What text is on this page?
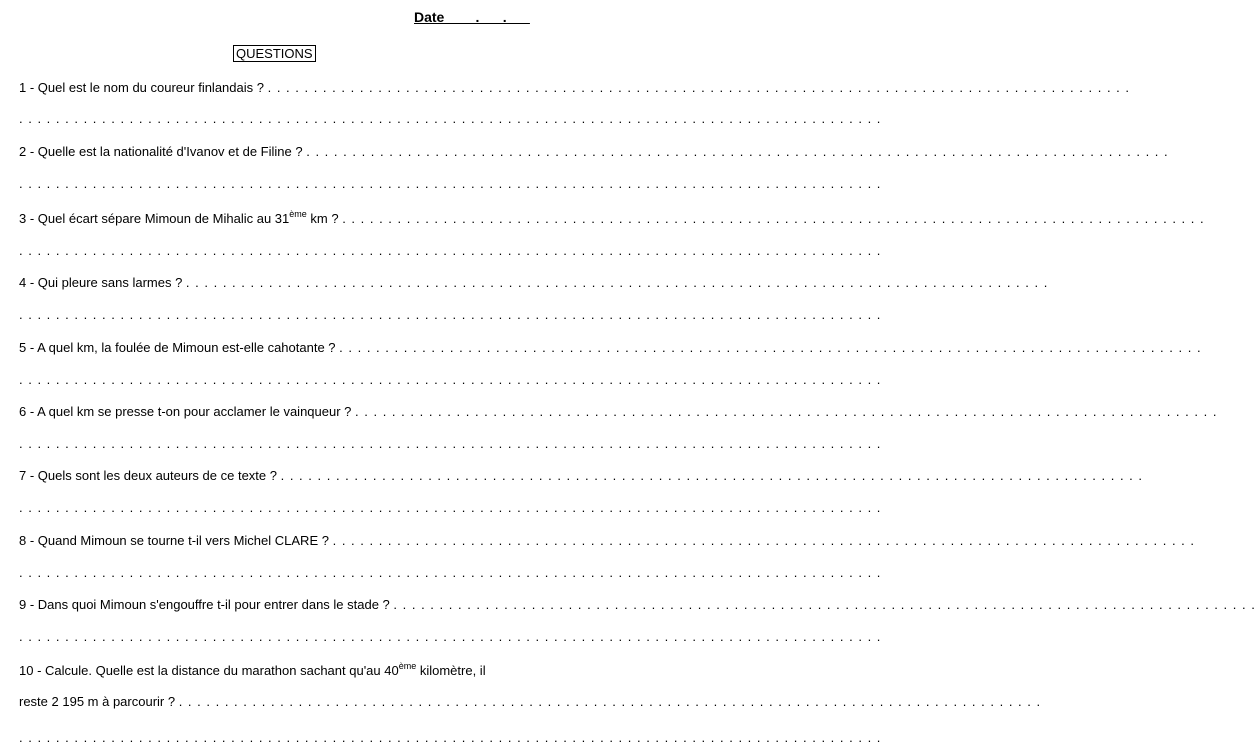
Date        .      .
QUESTIONS
1 - Quel est le nom du coureur finlandais ? . . . . . . . . . . . . . . . . . . . . . . . . . . . . . . . . . . . . . . . . . . . . . . . . . . . . . . . . . . . . . . . . . . . . . . . . . . . . . . . . . . . . . . . . . . . . . .
. . . . . . . . . . . . . . . . . . . . . . . . . . . . . . . . . . . . . . . . . . . . . . . . . . . . . . . . . . . . . . . . . . . . . . . . . . . . . . . . . . . . . . . . . . . . . .
2 - Quelle est la nationalité d'Ivanov et de Filine ? . . . . . . . . . . . . . . . . . . . . . . . . . . . . . . . . . . . . . . . . . . . . . . . . . . . . . . . . . . . . . . . . . . . . . . . . . . . . . . . . . . . . . . . . . . . . . .
. . . . . . . . . . . . . . . . . . . . . . . . . . . . . . . . . . . . . . . . . . . . . . . . . . . . . . . . . . . . . . . . . . . . . . . . . . . . . . . . . . . . . . . . . . . . . .
3 - Quel écart sépare Mimoun de Mihalic au 31ème km ? . . . . . . . . . . . . . . . . . . . . . . . . . . . . . . . . . . . . . . . . . . . . . . . . . . . . . . . . . . . . . . . . . . . . . . . . . . . . . . . . . . . . . . . . . . . . . .
. . . . . . . . . . . . . . . . . . . . . . . . . . . . . . . . . . . . . . . . . . . . . . . . . . . . . . . . . . . . . . . . . . . . . . . . . . . . . . . . . . . . . . . . . . . . . .
4 - Qui pleure sans larmes ? . . . . . . . . . . . . . . . . . . . . . . . . . . . . . . . . . . . . . . . . . . . . . . . . . . . . . . . . . . . . . . . . . . . . . . . . . . . . . . . . . . . . . . . . . . . . . .
. . . . . . . . . . . . . . . . . . . . . . . . . . . . . . . . . . . . . . . . . . . . . . . . . . . . . . . . . . . . . . . . . . . . . . . . . . . . . . . . . . . . . . . . . . . . . .
5 - A quel km, la foulée de Mimoun est-elle cahotante ? . . . . . . . . . . . . . . . . . . . . . . . . . . . . . . . . . . . . . . . . . . . . . . . . . . . . . . . . . . . . . . . . . . . . . . . . . . . . . . . . . . . . . . . . . . . . . .
. . . . . . . . . . . . . . . . . . . . . . . . . . . . . . . . . . . . . . . . . . . . . . . . . . . . . . . . . . . . . . . . . . . . . . . . . . . . . . . . . . . . . . . . . . . . . .
6 - A quel km se presse t-on pour acclamer le vainqueur ? . . . . . . . . . . . . . . . . . . . . . . . . . . . . . . . . . . . . . . . . . . . . . . . . . . . . . . . . . . . . . . . . . . . . . . . . . . . . . . . . . . . . . . . . . . . . . .
. . . . . . . . . . . . . . . . . . . . . . . . . . . . . . . . . . . . . . . . . . . . . . . . . . . . . . . . . . . . . . . . . . . . . . . . . . . . . . . . . . . . . . . . . . . . . .
7 - Quels sont les deux auteurs de ce texte ? . . . . . . . . . . . . . . . . . . . . . . . . . . . . . . . . . . . . . . . . . . . . . . . . . . . . . . . . . . . . . . . . . . . . . . . . . . . . . . . . . . . . . . . . . . . . . .
. . . . . . . . . . . . . . . . . . . . . . . . . . . . . . . . . . . . . . . . . . . . . . . . . . . . . . . . . . . . . . . . . . . . . . . . . . . . . . . . . . . . . . . . . . . . . .
8 - Quand Mimoun se tourne t-il vers Michel CLARE ? . . . . . . . . . . . . . . . . . . . . . . . . . . . . . . . . . . . . . . . . . . . . . . . . . . . . . . . . . . . . . . . . . . . . . . . . . . . . . . . . . . . . . . . . . . . . . .
. . . . . . . . . . . . . . . . . . . . . . . . . . . . . . . . . . . . . . . . . . . . . . . . . . . . . . . . . . . . . . . . . . . . . . . . . . . . . . . . . . . . . . . . . . . . . .
9 - Dans quoi Mimoun s'engouffre t-il pour entrer dans le stade ? . . . . . . . . . . . . . . . . . . . . . . . . . . . . . . . . . . . . . . . . . . . . . . . . . . . . . . . . . . . . . . . . . . . . . . . . . . . . . . . . . . . . . . . . . . . . . .
. . . . . . . . . . . . . . . . . . . . . . . . . . . . . . . . . . . . . . . . . . . . . . . . . . . . . . . . . . . . . . . . . . . . . . . . . . . . . . . . . . . . . . . . . . . . . .
10 - Calcule. Quelle est la distance du marathon sachant qu'au 40ème kilomètre, il
reste 2 195 m à parcourir ? . . . . . . . . . . . . . . . . . . . . . . . . . . . . . . . . . . . . . . . . . . . . . . . . . . . . . . . . . . . . . . . . . . . . . . . . . . . . . . . . . . . . . . . . . . . . . .
. . . . . . . . . . . . . . . . . . . . . . . . . . . . . . . . . . . . . . . . . . . . . . . . . . . . . . . . . . . . . . . . . . . . . . . . . . . . . . . . . . . . . . . . . . . . . .
